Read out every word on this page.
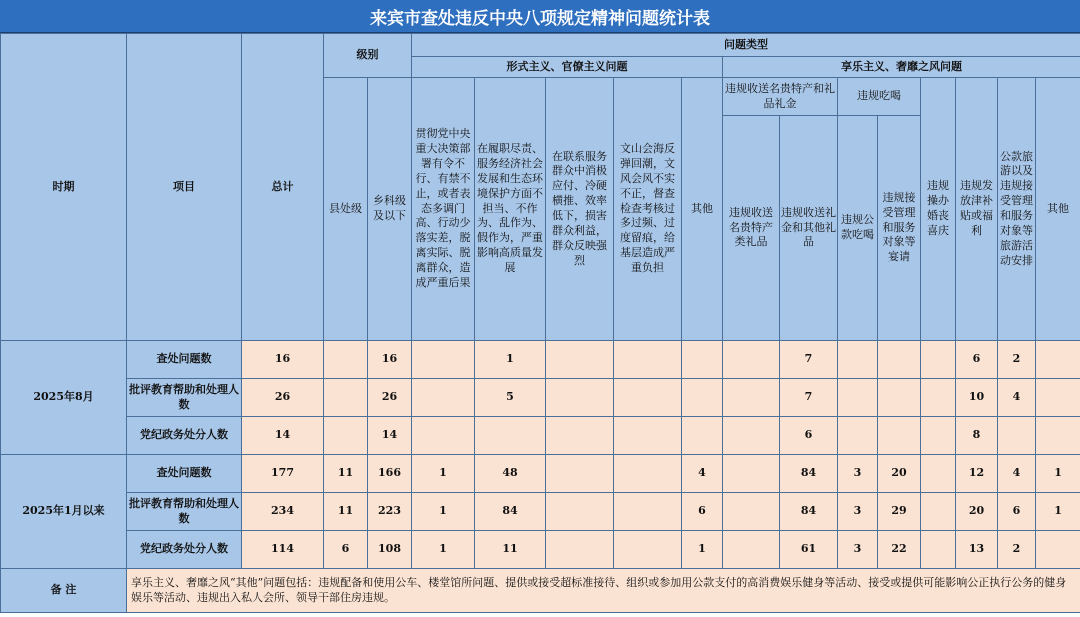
来宾市查处违反中央八项规定精神问题统计表
时期	项目	总计	级别		问题类型												
					形式主义、官僚主义问题					享乐主义、奢靡之风问题							
			县处级	乡科级及以下	贯彻党中央重大决策部署有令不行、有禁不止，或者表态多调门高、行动少落实差，脱离实际、脱离群众，造成严重后果	在履职尽责、服务经济社会发展和生态环境保护方面不担当、不作为、乱作为、假作为，严重影响高质量发展	在联系服务群众中消极应付、冷硬横推、效率低下，损害群众利益，群众反映强烈	文山会海反弹回潮，文风会风不实不正，督查检查考核过多过频、过度留痕，给基层造成严重负担	其他	违规收送名贵特产和礼品礼金		违规吃喝		违规操办婚丧喜庆	违规发放津补贴或福利	公款旅游以及违规接受管理和服务对象等旅游活动安排	其他
										违规收送名贵特产类礼品	违规收送礼金和其他礼品	违规公款吃喝	违规接受管理和服务对象等宴请				
2025年8月	查处问题数	16		16		1					7				6	2	
	批评教育帮助和处理人数	26		26		5					7				10	4	
	党纪政务处分人数	14		14							6				8		
2025年1月以来	查处问题数	177	11	166	1	48			4		84	3	20		12	4	1
	批评教育帮助和处理人数	234	11	223	1	84			6		84	3	29		20	6	1
	党纪政务处分人数	114	6	108	1	11			1		61	3	22		13	2	
备 注	享乐主义、奢靡之风“其他”问题包括：违规配备和使用公车、楼堂馆所问题、提供或接受超标准接待、组织或参加用公款支付的高消费娱乐健身等活动、接受或提供可能影响公正执行公务的健身娱乐等活动、违规出入私人会所、领导干部住房违规。																
